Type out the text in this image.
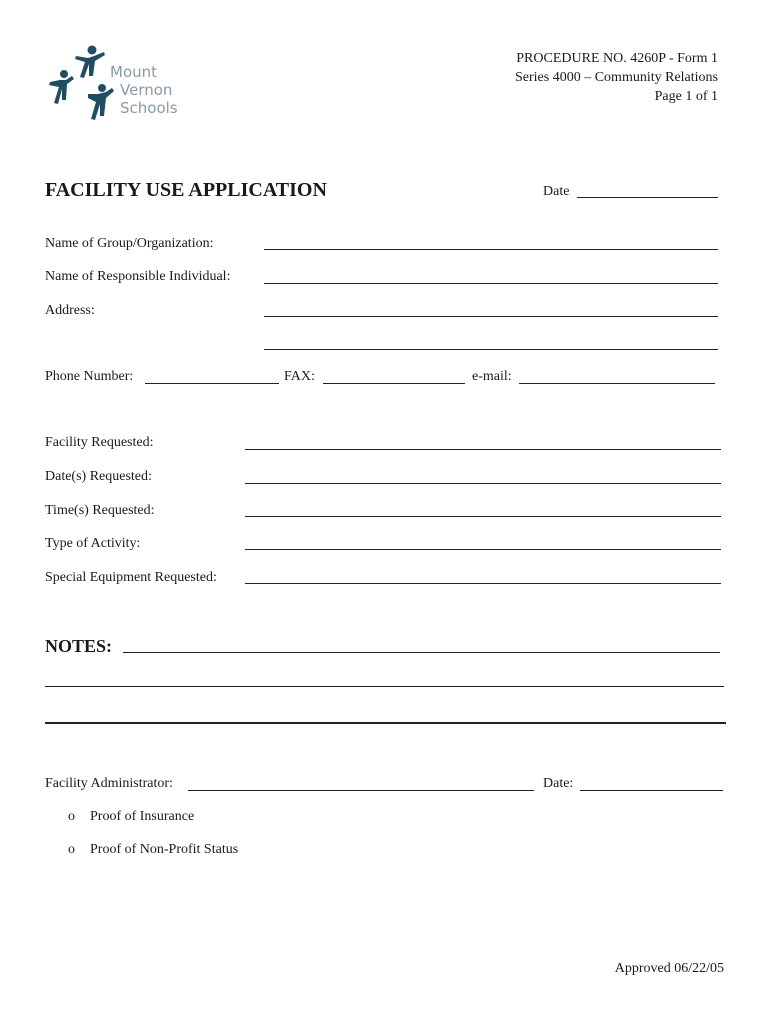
Mount
Vernon
Schools
PROCEDURE NO. 4260P - Form 1
Series 4000 – Community Relations
Page 1 of 1
FACILITY USE APPLICATION	Date
Name of Group/Organization:
Name of Responsible Individual:
Address:
Phone Number:	FAX:	e-mail:
Facility Requested:
Date(s) Requested:
Time(s) Requested:
Type of Activity:
Special Equipment Requested:
NOTES:
Facility Administrator:	Date:
o Proof of Insurance
o Proof of Non-Profit Status
Approved 06/22/05
